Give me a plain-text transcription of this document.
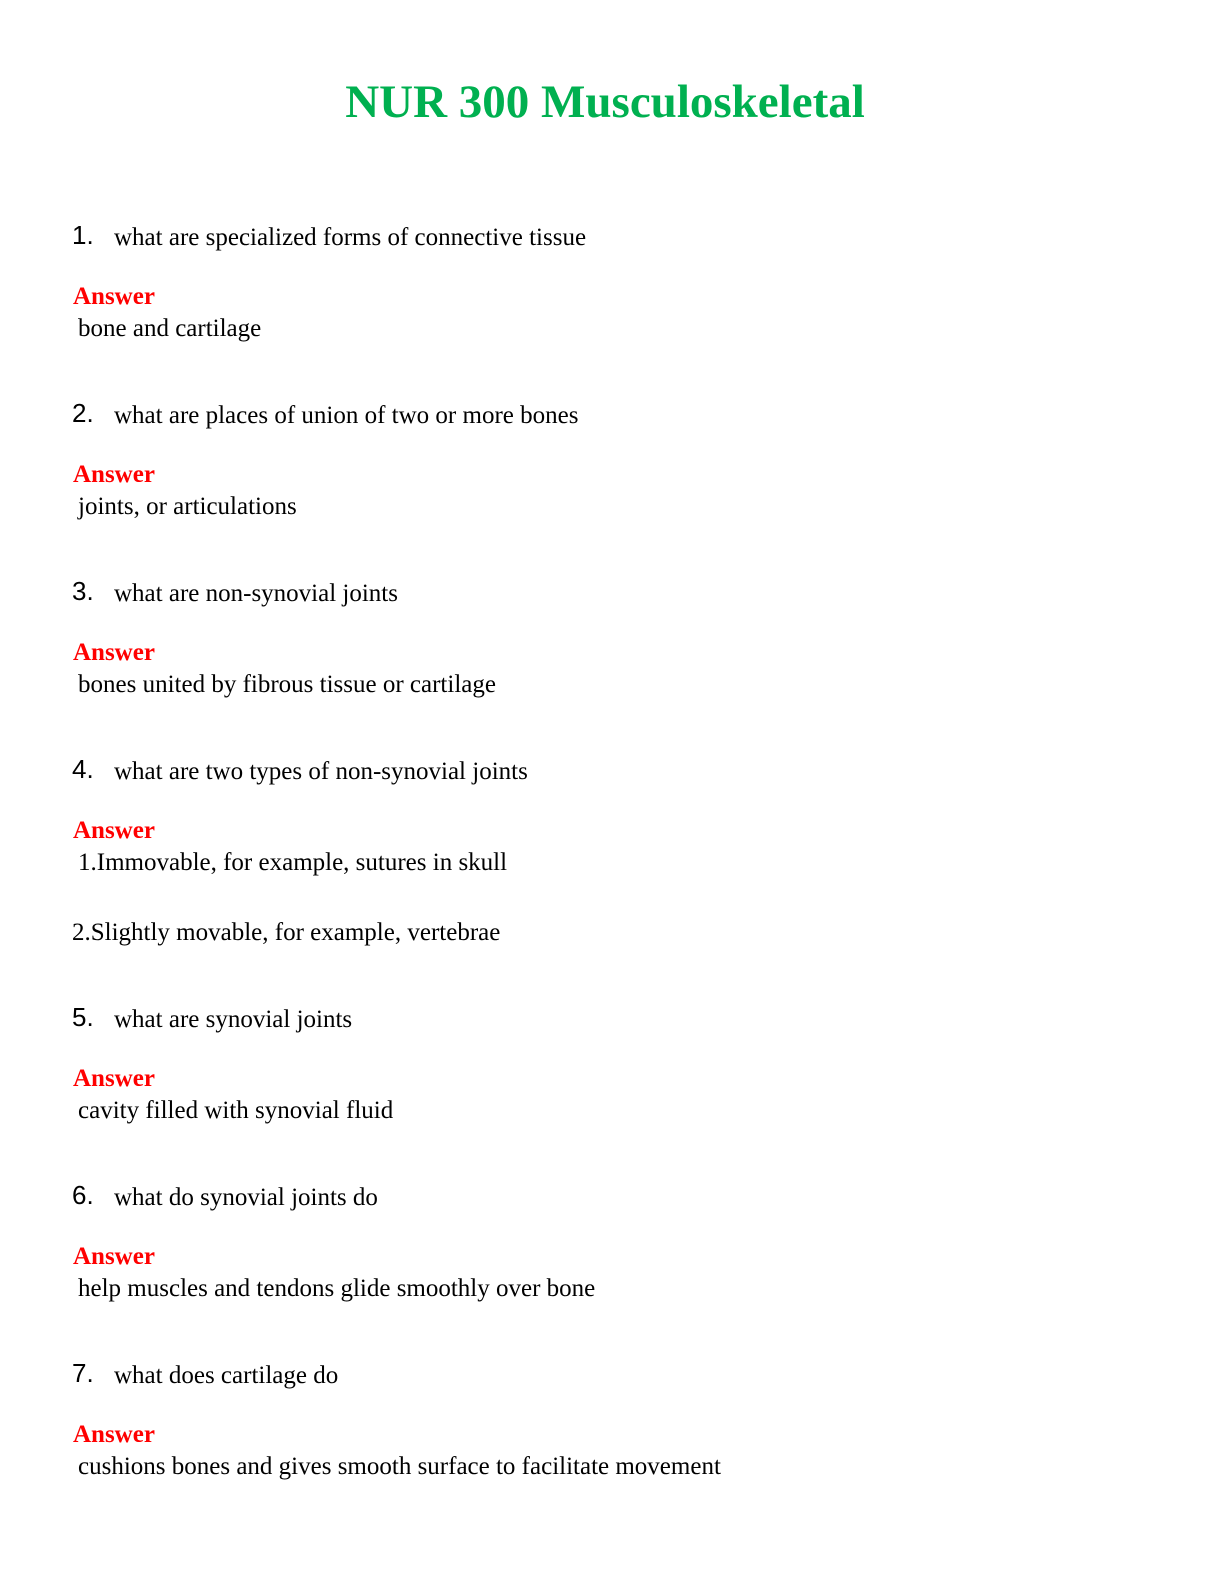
NUR 300 Musculoskeletal
1. what are specialized forms of connective tissue
Answer
bone and cartilage
2. what are places of union of two or more bones
Answer
joints, or articulations
3. what are non-synovial joints
Answer
bones united by fibrous tissue or cartilage
4. what are two types of non-synovial joints
Answer
1.Immovable, for example, sutures in skull
2.Slightly movable, for example, vertebrae
5. what are synovial joints
Answer
cavity filled with synovial fluid
6. what do synovial joints do
Answer
help muscles and tendons glide smoothly over bone
7. what does cartilage do
Answer
cushions bones and gives smooth surface to facilitate movement
